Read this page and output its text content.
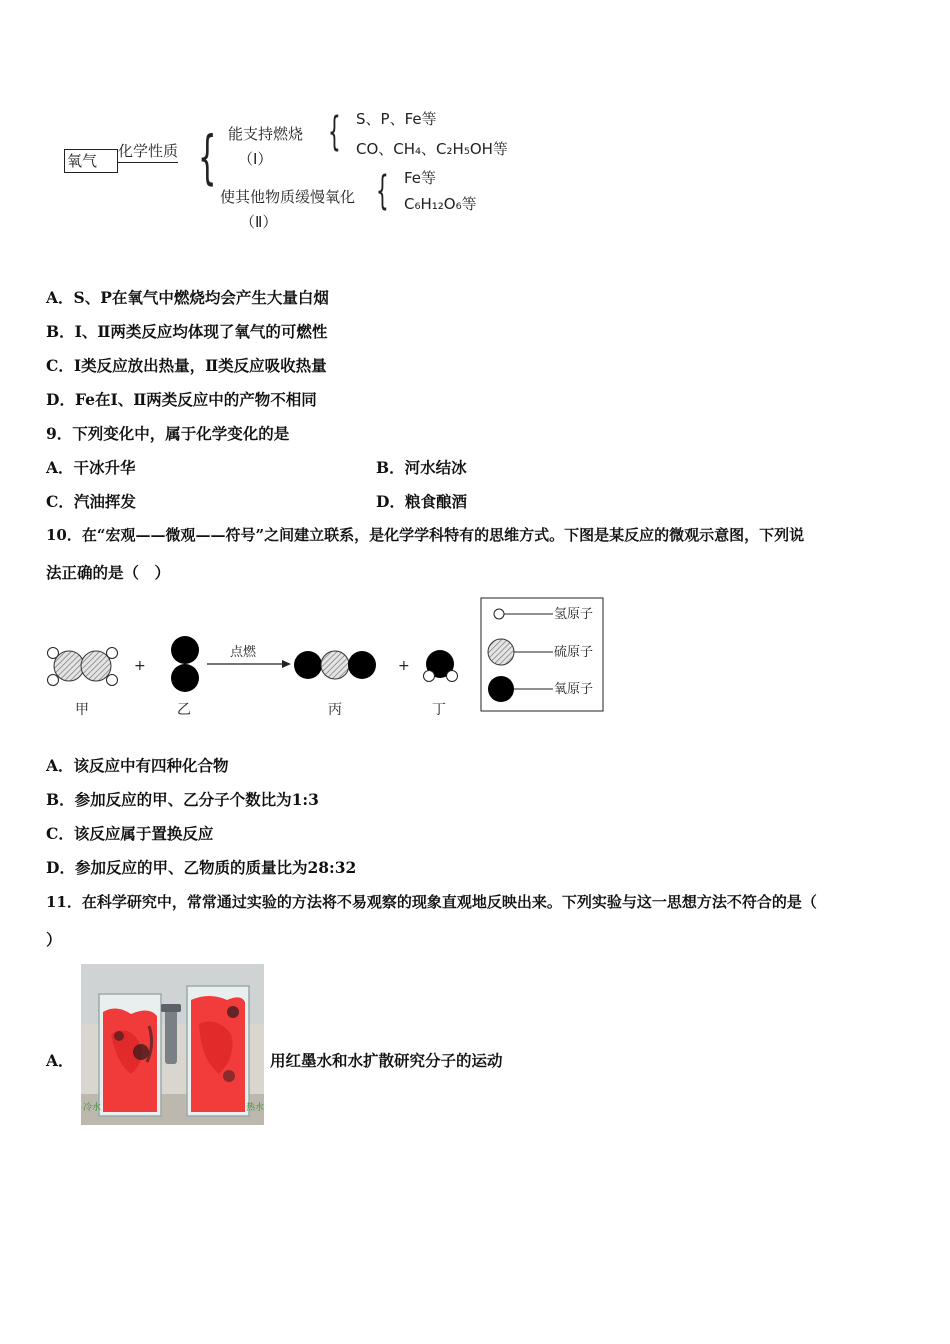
氧气
化学性质 { 能支持燃烧
（Ⅰ）
{ S、P、Fe等
CO、CH₄、C₂H₅OH等
使其他物质缓慢氧化
（Ⅱ）
{ Fe等
C₆H₁₂O₆等
A．S、P在氧气中燃烧均会产生大量白烟
B．Ⅰ、Ⅱ两类反应均体现了氧气的可燃性
C．Ⅰ类反应放出热量，Ⅱ类反应吸收热量
D．Fe在Ⅰ、Ⅱ两类反应中的产物不相同
9．下列变化中，属于化学变化的是
A．干冰升华	B．河水结冰
C．汽油挥发	D．粮食酿酒
10．在“宏观——微观——符号”之间建立联系，是化学学科特有的思维方式。下图是某反应的微观示意图，下列说
法正确的是（　）
+
点燃
+
甲	乙	丙	丁
氢原子
硫原子
氧原子
A．该反应中有四种化合物
B．参加反应的甲、乙分子个数比为1:3
C．该反应属于置换反应
D．参加反应的甲、乙物质的质量比为28:32
11．在科学研究中，常常通过实验的方法将不易观察的现象直观地反映出来。下列实验与这一思想方法不符合的是（
）
A．
冷水	热水
用红墨水和水扩散研究分子的运动
